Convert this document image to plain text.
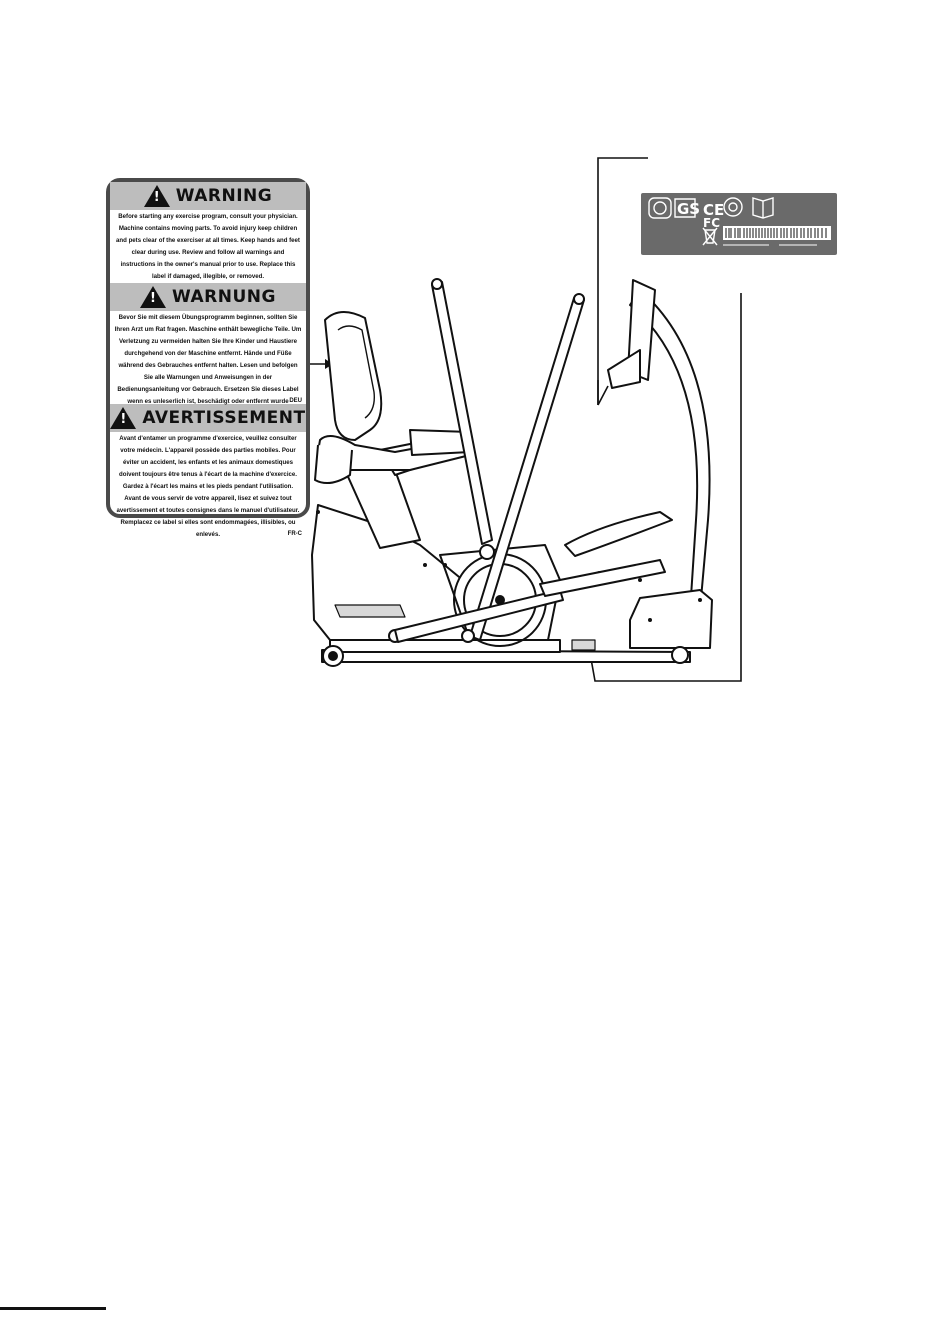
! WARNING
Before starting any exercise program, consult your physician. Machine contains moving parts. To avoid injury keep children and pets clear of the exerciser at all times. Keep hands and feet clear during use. Review and follow all warnings and instructions in the owner's manual prior to use. Replace this label if damaged, illegible, or removed.
! WARNUNG
Bevor Sie mit diesem Übungsprogramm beginnen, sollten Sie Ihren Arzt um Rat fragen. Maschine enthält bewegliche Teile. Um Verletzung zu vermeiden halten Sie Ihre Kinder und Haustiere durchgehend von der Maschine entfernt. Hände und Füße während des Gebrauches entfernt halten. Lesen und befolgen Sie alle Warnungen und Anweisungen in der Bedienungsanleitung vor Gebrauch. Ersetzen Sie dieses Label wenn es unleserlich ist, beschädigt oder entfernt wurde DEU
! AVERTISSEMENT
Avant d'entamer un programme d'exercice, veuillez consulter votre médecin. L'appareil possède des parties mobiles. Pour éviter un accident, les enfants et les animaux domestiques doivent toujours être tenus à l'écart de la machine d'exercice. Gardez à l'écart les mains et les pieds pendant l'utilisation. Avant de vous servir de votre appareil, lisez et suivez tout avertissement et toutes consignes dans le manuel d'utilisateur. Remplacez ce label si elles sont endommagées, illisibles, ou enlevés.	FR-C
GS CE
FC
